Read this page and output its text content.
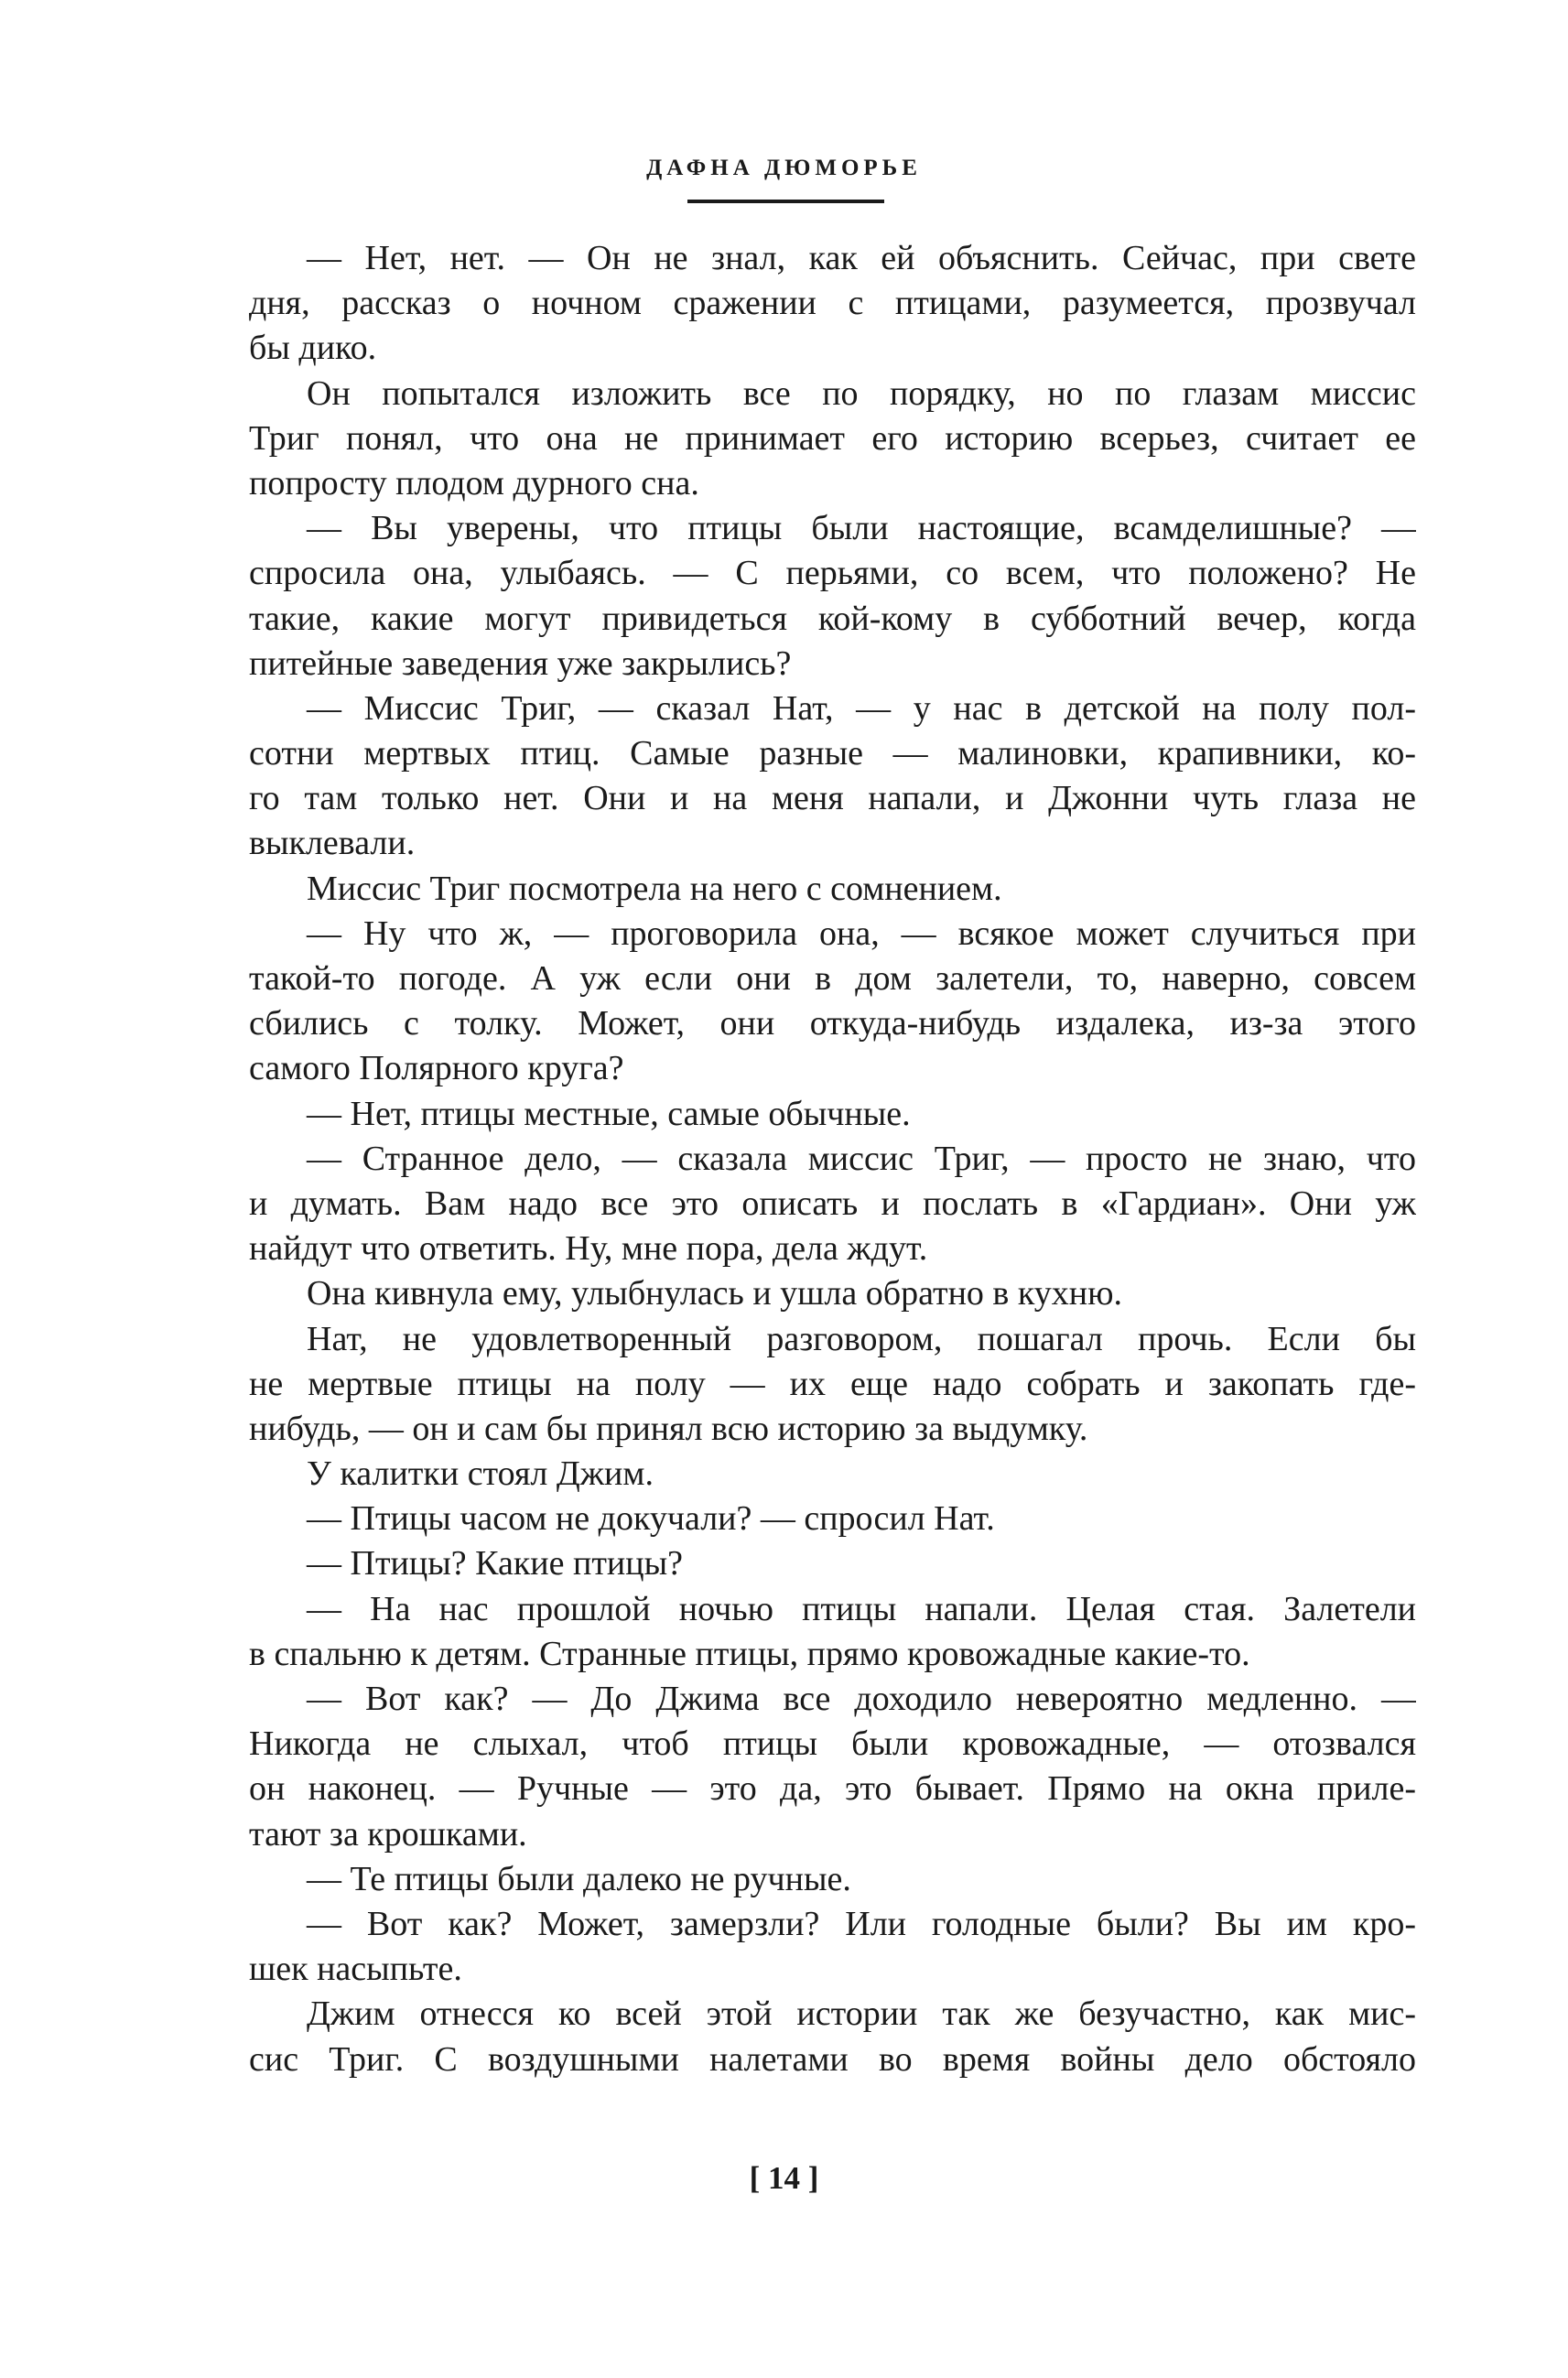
ДАФНА ДЮМОРЬЕ
— Нет, нет. — Он не знал, как ей объяснить. Сейчас, при свете
дня, рассказ о ночном сражении с птицами, разумеется, прозвучал
бы дико.
Он попытался изложить все по порядку, но по глазам миссис
Триг понял, что она не принимает его историю всерьез, считает ее
попросту плодом дурного сна.
— Вы уверены, что птицы были настоящие, всамделишные? —
спросила она, улыбаясь. — С перьями, со всем, что положено? Не
такие, какие могут привидеться кой-кому в субботний вечер, когда
питейные заведения уже закрылись?
— Миссис Триг, — сказал Нат, — у нас в детской на полу пол-
сотни мертвых птиц. Самые разные — малиновки, крапивники, ко-
го там только нет. Они и на меня напали, и Джонни чуть глаза не
выклевали.
Миссис Триг посмотрела на него с сомнением.
— Ну что ж, — проговорила она, — всякое может случиться при
такой-то погоде. А уж если они в дом залетели, то, наверно, совсем
сбились с толку. Может, они откуда-нибудь издалека, из-за этого
самого Полярного круга?
— Нет, птицы местные, самые обычные.
— Странное дело, — сказала миссис Триг, — просто не знаю, что
и думать. Вам надо все это описать и послать в «Гардиан». Они уж
найдут что ответить. Ну, мне пора, дела ждут.
Она кивнула ему, улыбнулась и ушла обратно в кухню.
Нат, не удовлетворенный разговором, пошагал прочь. Если бы
не мертвые птицы на полу — их еще надо собрать и закопать где-
нибудь, — он и сам бы принял всю историю за выдумку.
У калитки стоял Джим.
— Птицы часом не докучали? — спросил Нат.
— Птицы? Какие птицы?
— На нас прошлой ночью птицы напали. Целая стая. Залетели
в спальню к детям. Странные птицы, прямо кровожадные какие-то.
— Вот как? — До Джима все доходило невероятно медленно. —
Никогда не слыхал, чтоб птицы были кровожадные, — отозвался
он наконец. — Ручные — это да, это бывает. Прямо на окна приле-
тают за крошками.
— Те птицы были далеко не ручные.
— Вот как? Может, замерзли? Или голодные были? Вы им кро-
шек насыпьте.
Джим отнесся ко всей этой истории так же безучастно, как мис-
сис Триг. С воздушными налетами во время войны дело обстояло
[ 14 ]
